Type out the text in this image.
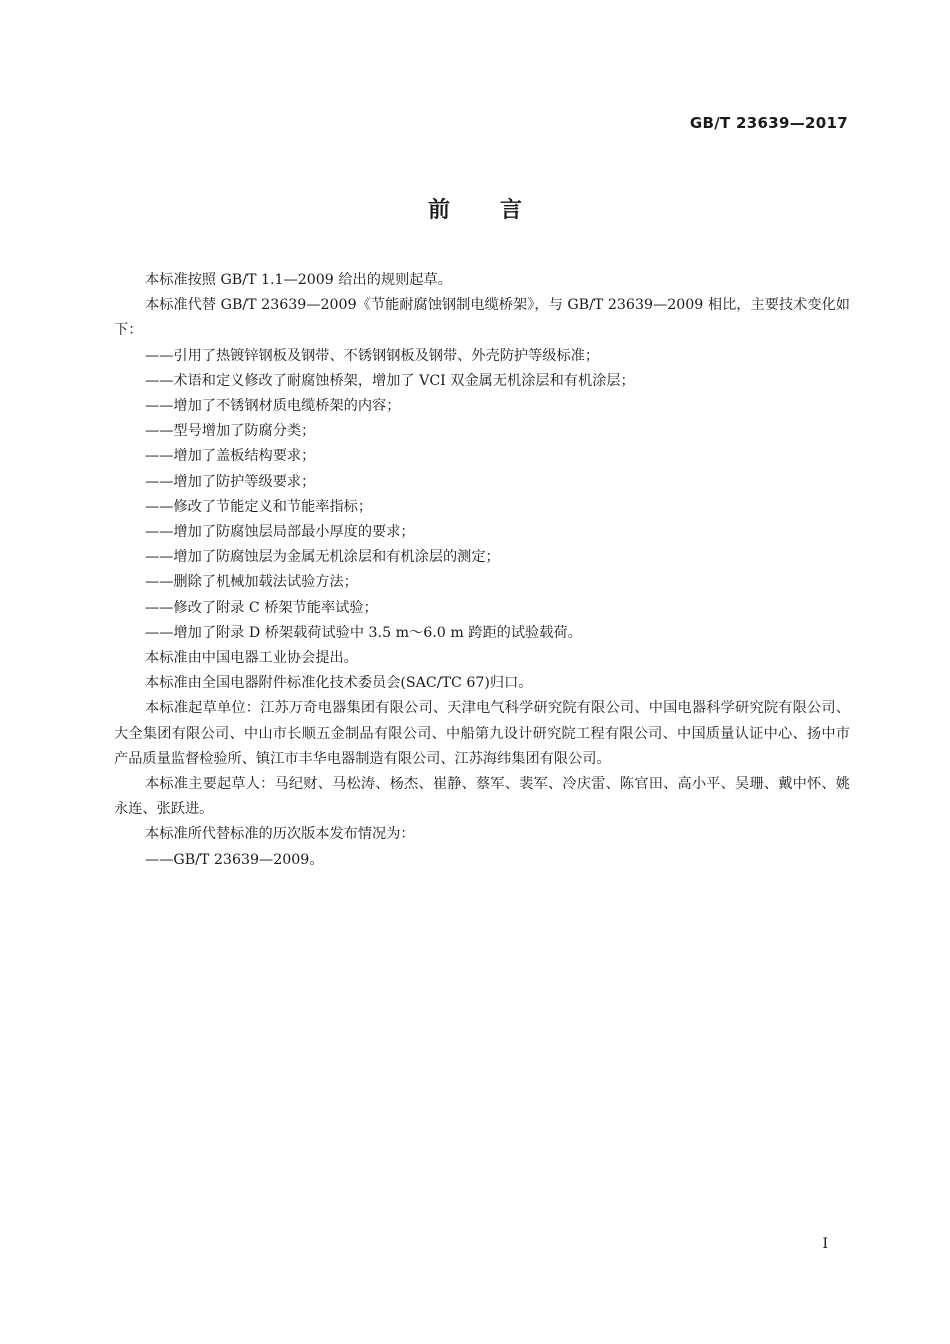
GB/T 23639—2017
前言

本标准按照 GB/T 1.1—2009 给出的规则起草。

本标准代替 GB/T 23639—2009《节能耐腐蚀钢制电缆桥架》，与 GB/T 23639—2009 相比，主要技术变化如下：

——引用了热镀锌钢板及钢带、不锈钢钢板及钢带、外壳防护等级标准；

——术语和定义修改了耐腐蚀桥架，增加了 VCI 双金属无机涂层和有机涂层；

——增加了不锈钢材质电缆桥架的内容；

——型号增加了防腐分类；

——增加了盖板结构要求；

——增加了防护等级要求；

——修改了节能定义和节能率指标；

——增加了防腐蚀层局部最小厚度的要求；

——增加了防腐蚀层为金属无机涂层和有机涂层的测定；

——删除了机械加载法试验方法；

——修改了附录 C 桥架节能率试验；

——增加了附录 D 桥架载荷试验中 3.5 m～6.0 m 跨距的试验载荷。

本标准由中国电器工业协会提出。

本标准由全国电器附件标准化技术委员会(SAC/TC 67)归口。

本标准起草单位：江苏万奇电器集团有限公司、天津电气科学研究院有限公司、中国电器科学研究院有限公司、大全集团有限公司、中山市长顺五金制品有限公司、中船第九设计研究院工程有限公司、中国质量认证中心、扬中市产品质量监督检验所、镇江市丰华电器制造有限公司、江苏海纬集团有限公司。

本标准主要起草人：马纪财、马松涛、杨杰、崔静、蔡军、裴军、冷庆雷、陈官田、高小平、吴珊、戴中怀、姚永连、张跃进。

本标准所代替标准的历次版本发布情况为：

——GB/T 23639—2009。

I
